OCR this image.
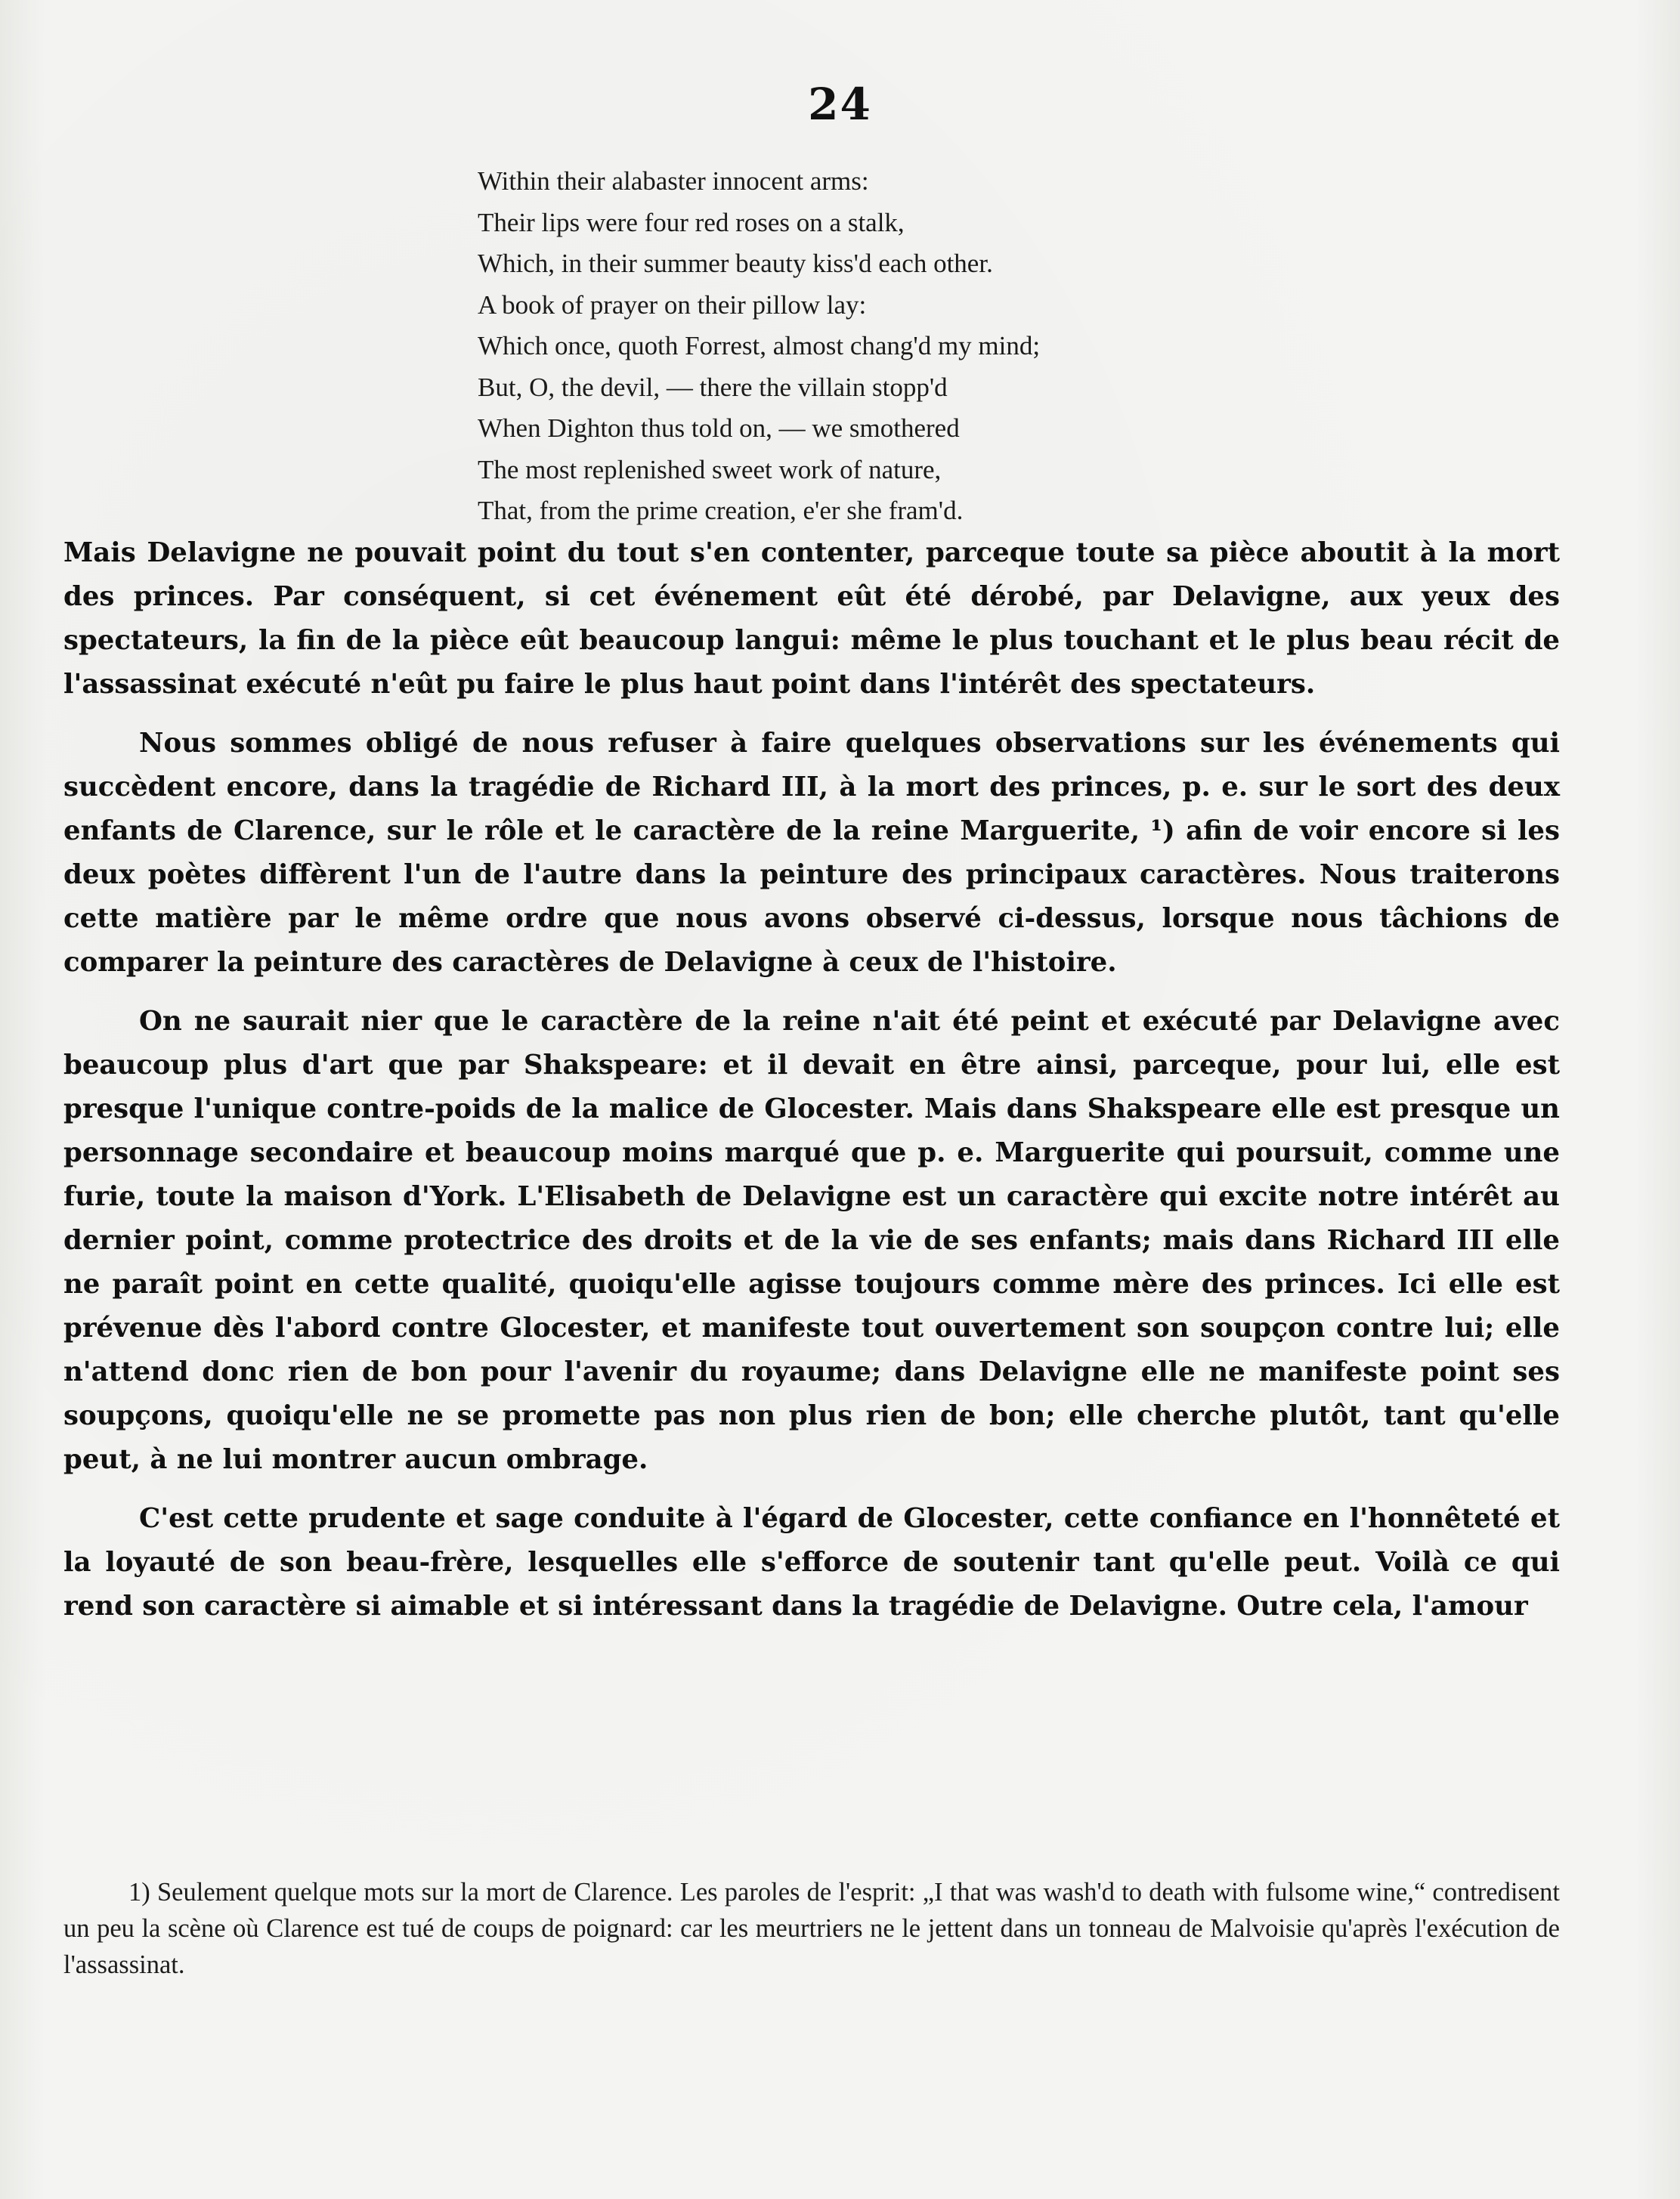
24
Within their alabaster innocent arms:
Their lips were four red roses on a stalk,
Which, in their summer beauty kiss'd each other.
A book of prayer on their pillow lay:
Which once, quoth Forrest, almost chang'd my mind;
But, O, the devil, — there the villain stopp'd
When Dighton thus told on, — we smothered
The most replenished sweet work of nature,
That, from the prime creation, e'er she fram'd.

Mais Delavigne ne pouvait point du tout s'en contenter, parceque toute sa pièce aboutit à la mort des princes. Par conséquent, si cet événement eût été dérobé, par Delavigne, aux yeux des spectateurs, la fin de la pièce eût beaucoup langui: même le plus touchant et le plus beau récit de l'assassinat exécuté n'eût pu faire le plus haut point dans l'intérêt des spectateurs.

Nous sommes obligé de nous refuser à faire quelques observations sur les événements qui succèdent encore, dans la tragédie de Richard III, à la mort des princes, p. e. sur le sort des deux enfants de Clarence, sur le rôle et le caractère de la reine Marguerite, ¹) afin de voir encore si les deux poètes diffèrent l'un de l'autre dans la peinture des principaux caractères. Nous traiterons cette matière par le même ordre que nous avons observé ci-dessus, lorsque nous tâchions de comparer la peinture des caractères de Delavigne à ceux de l'histoire.

On ne saurait nier que le caractère de la reine n'ait été peint et exécuté par Delavigne avec beaucoup plus d'art que par Shakspeare: et il devait en être ainsi, parceque, pour lui, elle est presque l'unique contre-poids de la malice de Glocester. Mais dans Shakspeare elle est presque un personnage secondaire et beaucoup moins marqué que p. e. Marguerite qui poursuit, comme une furie, toute la maison d'York. L'Elisabeth de Delavigne est un caractère qui excite notre intérêt au dernier point, comme protectrice des droits et de la vie de ses enfants; mais dans Richard III elle ne paraît point en cette qualité, quoiqu'elle agisse toujours comme mère des princes. Ici elle est prévenue dès l'abord contre Glocester, et manifeste tout ouvertement son soupçon contre lui; elle n'attend donc rien de bon pour l'avenir du royaume; dans Delavigne elle ne manifeste point ses soupçons, quoiqu'elle ne se promette pas non plus rien de bon; elle cherche plutôt, tant qu'elle peut, à ne lui montrer aucun ombrage.

C'est cette prudente et sage conduite à l'égard de Glocester, cette confiance en l'honnêteté et la loyauté de son beau-frère, lesquelles elle s'efforce de soutenir tant qu'elle peut. Voilà ce qui rend son caractère si aimable et si intéressant dans la tragédie de Delavigne. Outre cela, l'amour

1) Seulement quelque mots sur la mort de Clarence. Les paroles de l'esprit: „I that was wash'd to death with fulsome wine,“ contredisent un peu la scène où Clarence est tué de coups de poignard: car les meurtriers ne le jettent dans un tonneau de Malvoisie qu'après l'exécution de l'assassinat.
